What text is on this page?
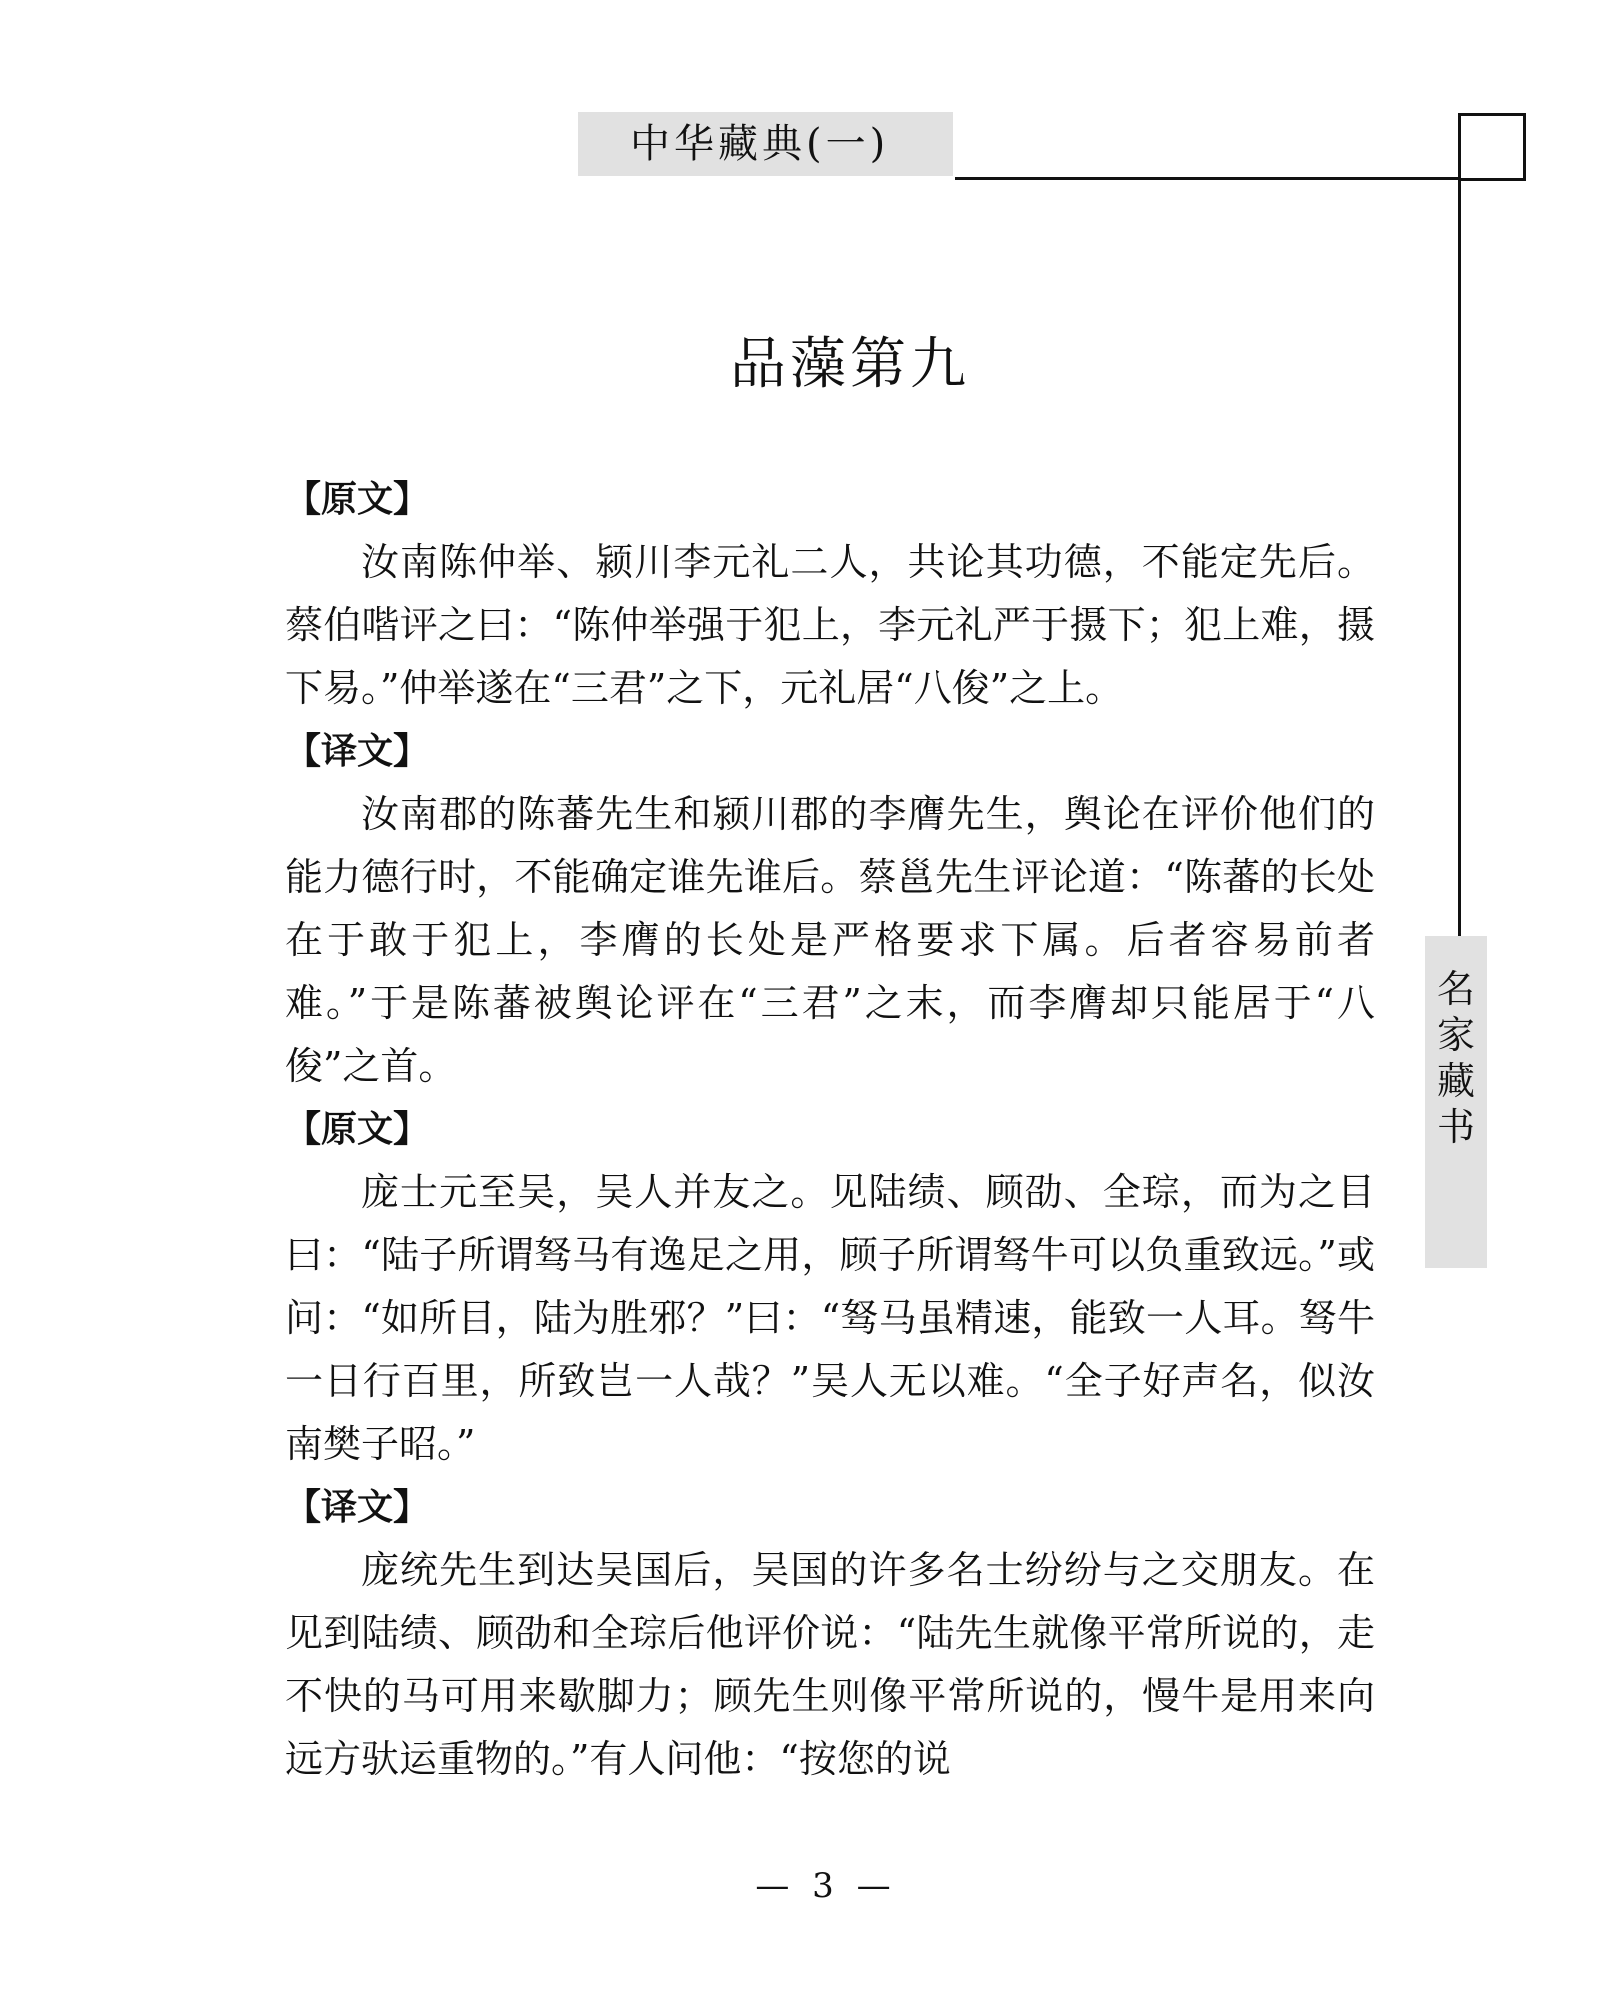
中华藏典(一)
名
家
藏
书
品藻第九
【原文】

汝南陈仲举、颍川李元礼二人，共论其功德，不能定先后。蔡伯喈评之曰：“陈仲举强于犯上，李元礼严于摄下；犯上难，摄下易。”仲举遂在“三君”之下，元礼居“八俊”之上。

【译文】

汝南郡的陈蕃先生和颍川郡的李膺先生，舆论在评价他们的能力德行时，不能确定谁先谁后。蔡邕先生评论道：“陈蕃的长处在于敢于犯上，李膺的长处是严格要求下属。后者容易前者难。”于是陈蕃被舆论评在“三君”之末，而李膺却只能居于“八俊”之首。

【原文】

庞士元至吴，吴人并友之。见陆绩、顾劭、全琮，而为之目曰：“陆子所谓驽马有逸足之用，顾子所谓驽牛可以负重致远。”或问：“如所目，陆为胜邪？”曰：“驽马虽精速，能致一人耳。驽牛一日行百里，所致岂一人哉？”吴人无以难。“全子好声名，似汝南樊子昭。”

【译文】

庞统先生到达吴国后，吴国的许多名士纷纷与之交朋友。在见到陆绩、顾劭和全琮后他评价说：“陆先生就像平常所说的，走不快的马可用来歇脚力；顾先生则像平常所说的，慢牛是用来向远方驮运重物的。”有人问他：“按您的说

— 3 —
